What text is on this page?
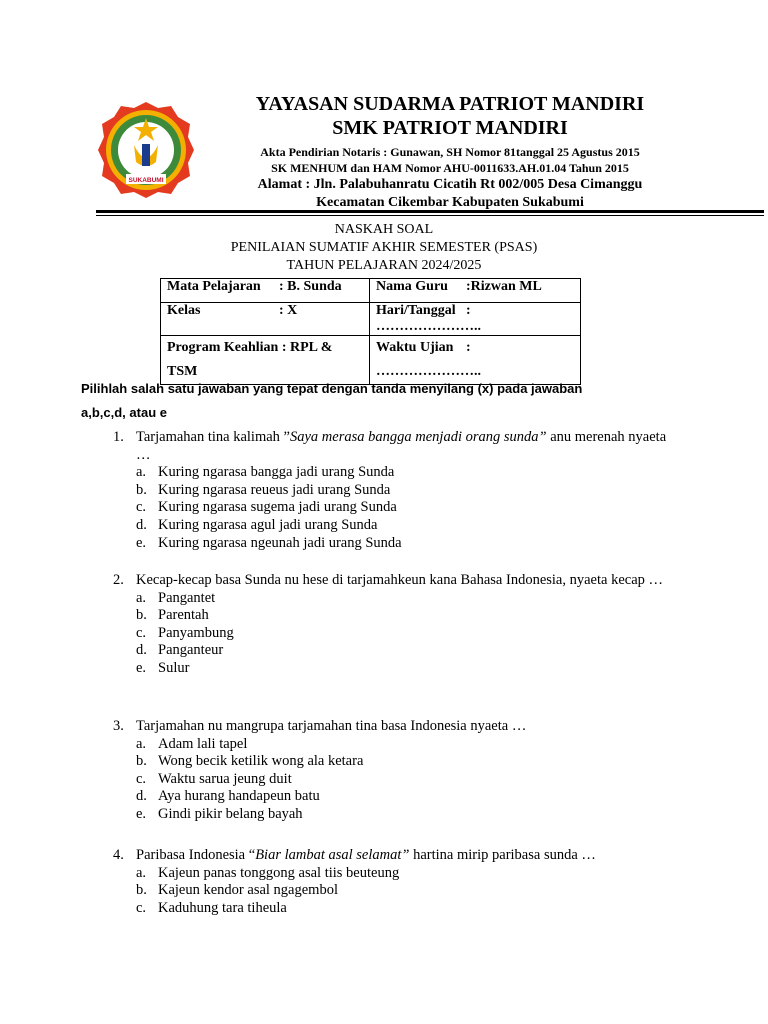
SUKABUMI
YAYASAN SUDARMA PATRIOT MANDIRI
SMK PATRIOT MANDIRI
Akta Pendirian Notaris : Gunawan, SH Nomor 81tanggal 25 Agustus 2015
SK MENHUM dan HAM Nomor AHU-0011633.AH.01.04 Tahun 2015
Alamat : Jln. Palabuhanratu Cicatih Rt 002/005 Desa Cimanggu
Kecamatan Cikembar Kabupaten Sukabumi
NASKAH SOAL
PENILAIAN SUMATIF AKHIR SEMESTER (PSAS)
TAHUN PELAJARAN 2024/2025
Mata Pelajaran : B. Sunda	Nama Guru :Rizwan ML
Kelas : X	Hari/Tanggal : …………………..

Program Keahlian : RPL &
TSM	Waktu Ujian : …………………..
Pilihlah salah satu jawaban yang tepat dengan tanda menyilang (x) pada jawaban
a,b,c,d, atau e
1. Tarjamahan tina kalimah ”Saya merasa bangga menjadi orang sunda” anu merenah nyaeta …
a. Kuring ngarasa bangga jadi urang Sunda
b. Kuring ngarasa reueus jadi urang Sunda
c. Kuring ngarasa sugema jadi urang Sunda
d. Kuring ngarasa agul jadi urang Sunda
e. Kuring ngarasa ngeunah jadi urang Sunda
2. Kecap-kecap basa Sunda nu hese di tarjamahkeun kana Bahasa Indonesia, nyaeta kecap …
a. Pangantet
b. Parentah
c. Panyambung
d. Panganteur
e. Sulur
3. Tarjamahan nu mangrupa tarjamahan tina basa Indonesia nyaeta …
a. Adam lali tapel
b. Wong becik ketilik wong ala ketara
c. Waktu sarua jeung duit
d. Aya hurang handapeun batu
e. Gindi pikir belang bayah
4. Paribasa Indonesia “Biar lambat asal selamat” hartina mirip paribasa sunda …
a. Kajeun panas tonggong asal tiis beuteung
b. Kajeun kendor asal ngagembol
c. Kaduhung tara tiheula
